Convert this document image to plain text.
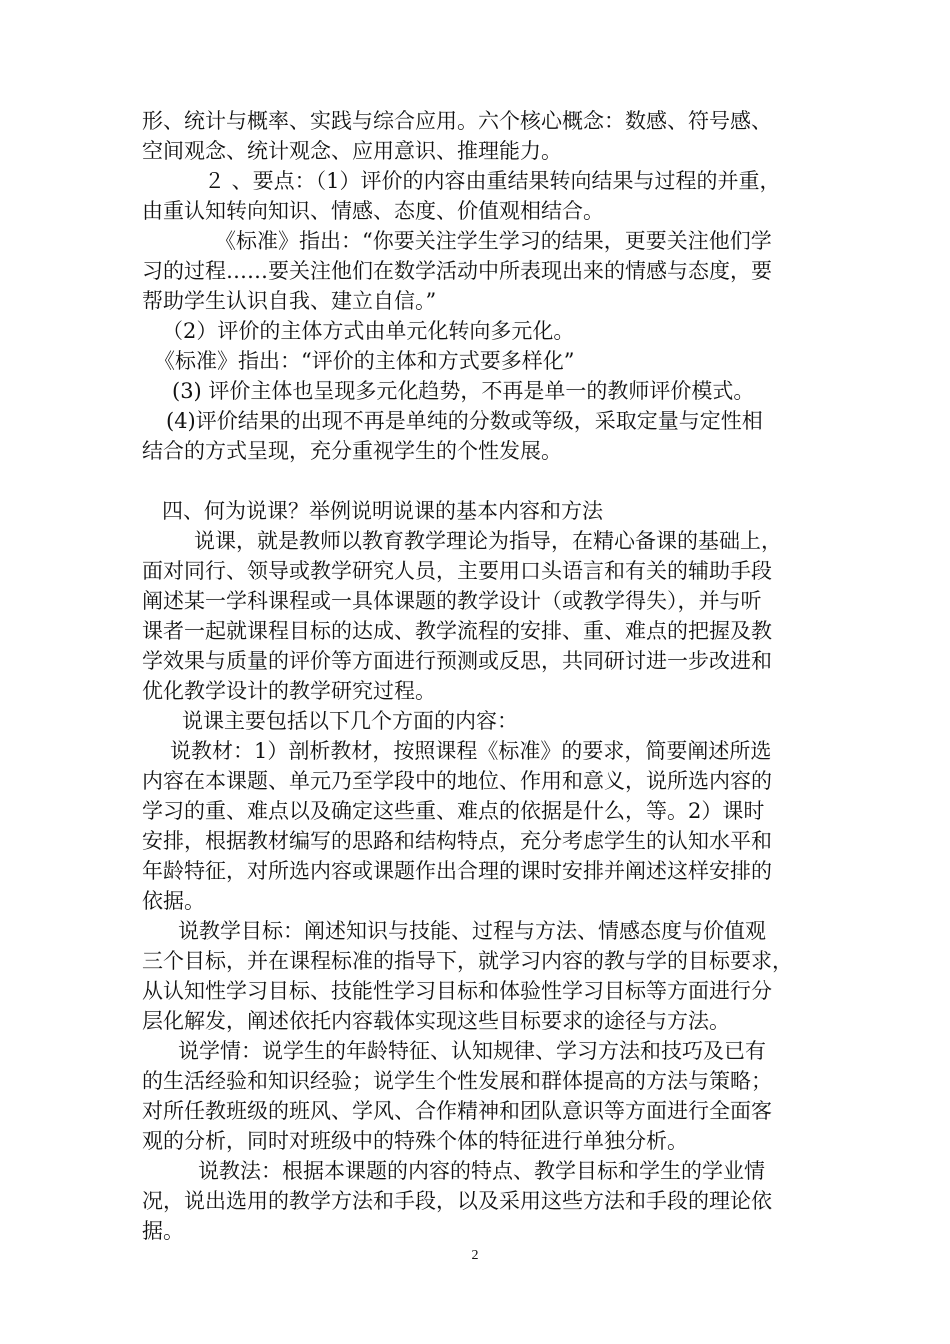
形、统计与概率、实践与综合应用。六个核心概念：数感、符号感、
空间观念、统计观念、应用意识、推理能力。
２ 、要点：（1）评价的内容由重结果转向结果与过程的并重，
由重认知转向知识、情感、态度、价值观相结合。
《标准》指出：“你要关注学生学习的结果，更要关注他们学
习的过程……要关注他们在数学活动中所表现出来的情感与态度，要
帮助学生认识自我、建立自信。”
（2）评价的主体方式由单元化转向多元化。
《标准》指出：“评价的主体和方式要多样化”
(3) 评价主体也呈现多元化趋势，不再是单一的教师评价模式。
(4)评价结果的出现不再是单纯的分数或等级，采取定量与定性相
结合的方式呈现，充分重视学生的个性发展。
四、何为说课？举例说明说课的基本内容和方法
说课，就是教师以教育教学理论为指导，在精心备课的基础上，
面对同行、领导或教学研究人员，主要用口头语言和有关的辅助手段
阐述某一学科课程或一具体课题的教学设计（或教学得失），并与听
课者一起就课程目标的达成、教学流程的安排、重、难点的把握及教
学效果与质量的评价等方面进行预测或反思，共同研讨进一步改进和
优化教学设计的教学研究过程。
说课主要包括以下几个方面的内容：
说教材：1）剖析教材，按照课程《标准》的要求，简要阐述所选
内容在本课题、单元乃至学段中的地位、作用和意义，说所选内容的
学习的重、难点以及确定这些重、难点的依据是什么，等。2）课时
安排，根据教材编写的思路和结构特点，充分考虑学生的认知水平和
年龄特征，对所选内容或课题作出合理的课时安排并阐述这样安排的
依据。
说教学目标：阐述知识与技能、过程与方法、情感态度与价值观
三个目标，并在课程标准的指导下，就学习内容的教与学的目标要求，
从认知性学习目标、技能性学习目标和体验性学习目标等方面进行分
层化解发，阐述依托内容载体实现这些目标要求的途径与方法。
说学情：说学生的年龄特征、认知规律、学习方法和技巧及已有
的生活经验和知识经验；说学生个性发展和群体提高的方法与策略；
对所任教班级的班风、学风、合作精神和团队意识等方面进行全面客
观的分析，同时对班级中的特殊个体的特征进行单独分析。
说教法：根据本课题的内容的特点、教学目标和学生的学业情
况，说出选用的教学方法和手段，以及采用这些方法和手段的理论依
据。
2
